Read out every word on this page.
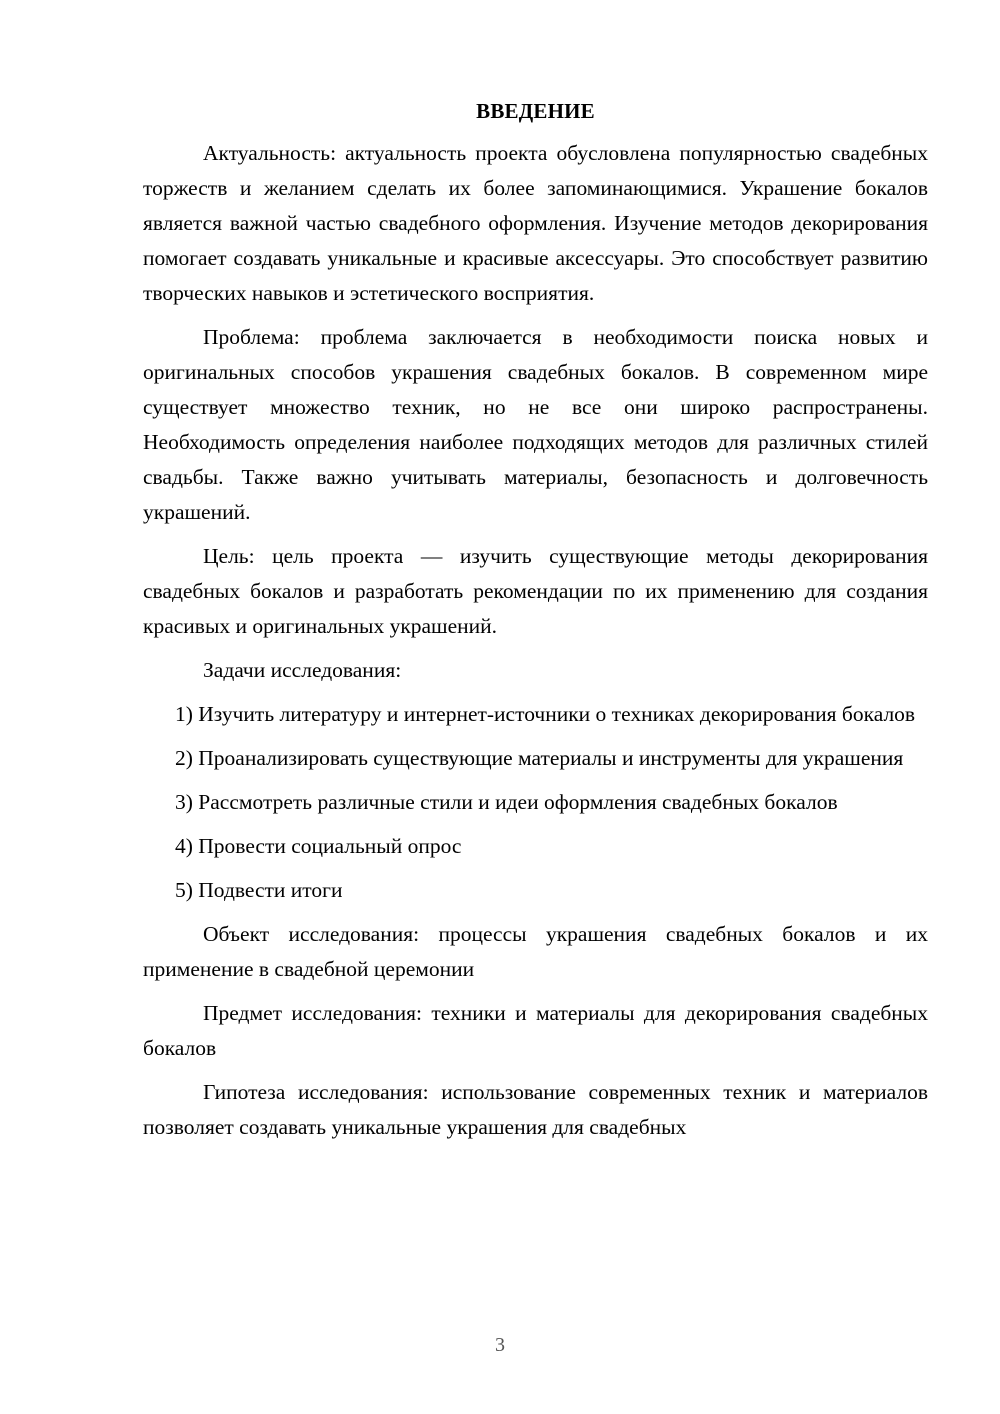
ВВЕДЕНИЕ

Актуальность: актуальность проекта обусловлена популярностью свадебных торжеств и желанием сделать их более запоминающимися. Украшение бокалов является важной частью свадебного оформления. Изучение методов декорирования помогает создавать уникальные и красивые аксессуары. Это способствует развитию творческих навыков и эстетического восприятия.

Проблема: проблема заключается в необходимости поиска новых и оригинальных способов украшения свадебных бокалов. В современном мире существует множество техник, но не все они широко распространены. Необходимость определения наиболее подходящих методов для различных стилей свадьбы. Также важно учитывать материалы, безопасность и долговечность украшений.

Цель: цель проекта — изучить существующие методы декорирования свадебных бокалов и разработать рекомендации по их применению для создания красивых и оригинальных украшений.

Задачи исследования:

1) Изучить литературу и интернет-источники о техниках декорирования бокалов

2) Проанализировать существующие материалы и инструменты для украшения

3) Рассмотреть различные стили и идеи оформления свадебных бокалов

4) Провести социальный опрос

5) Подвести итоги

Объект исследования: процессы украшения свадебных бокалов и их применение в свадебной церемонии

Предмет исследования: техники и материалы для декорирования свадебных бокалов

Гипотеза исследования: использование современных техник и материалов позволяет создавать уникальные украшения для свадебных

3
